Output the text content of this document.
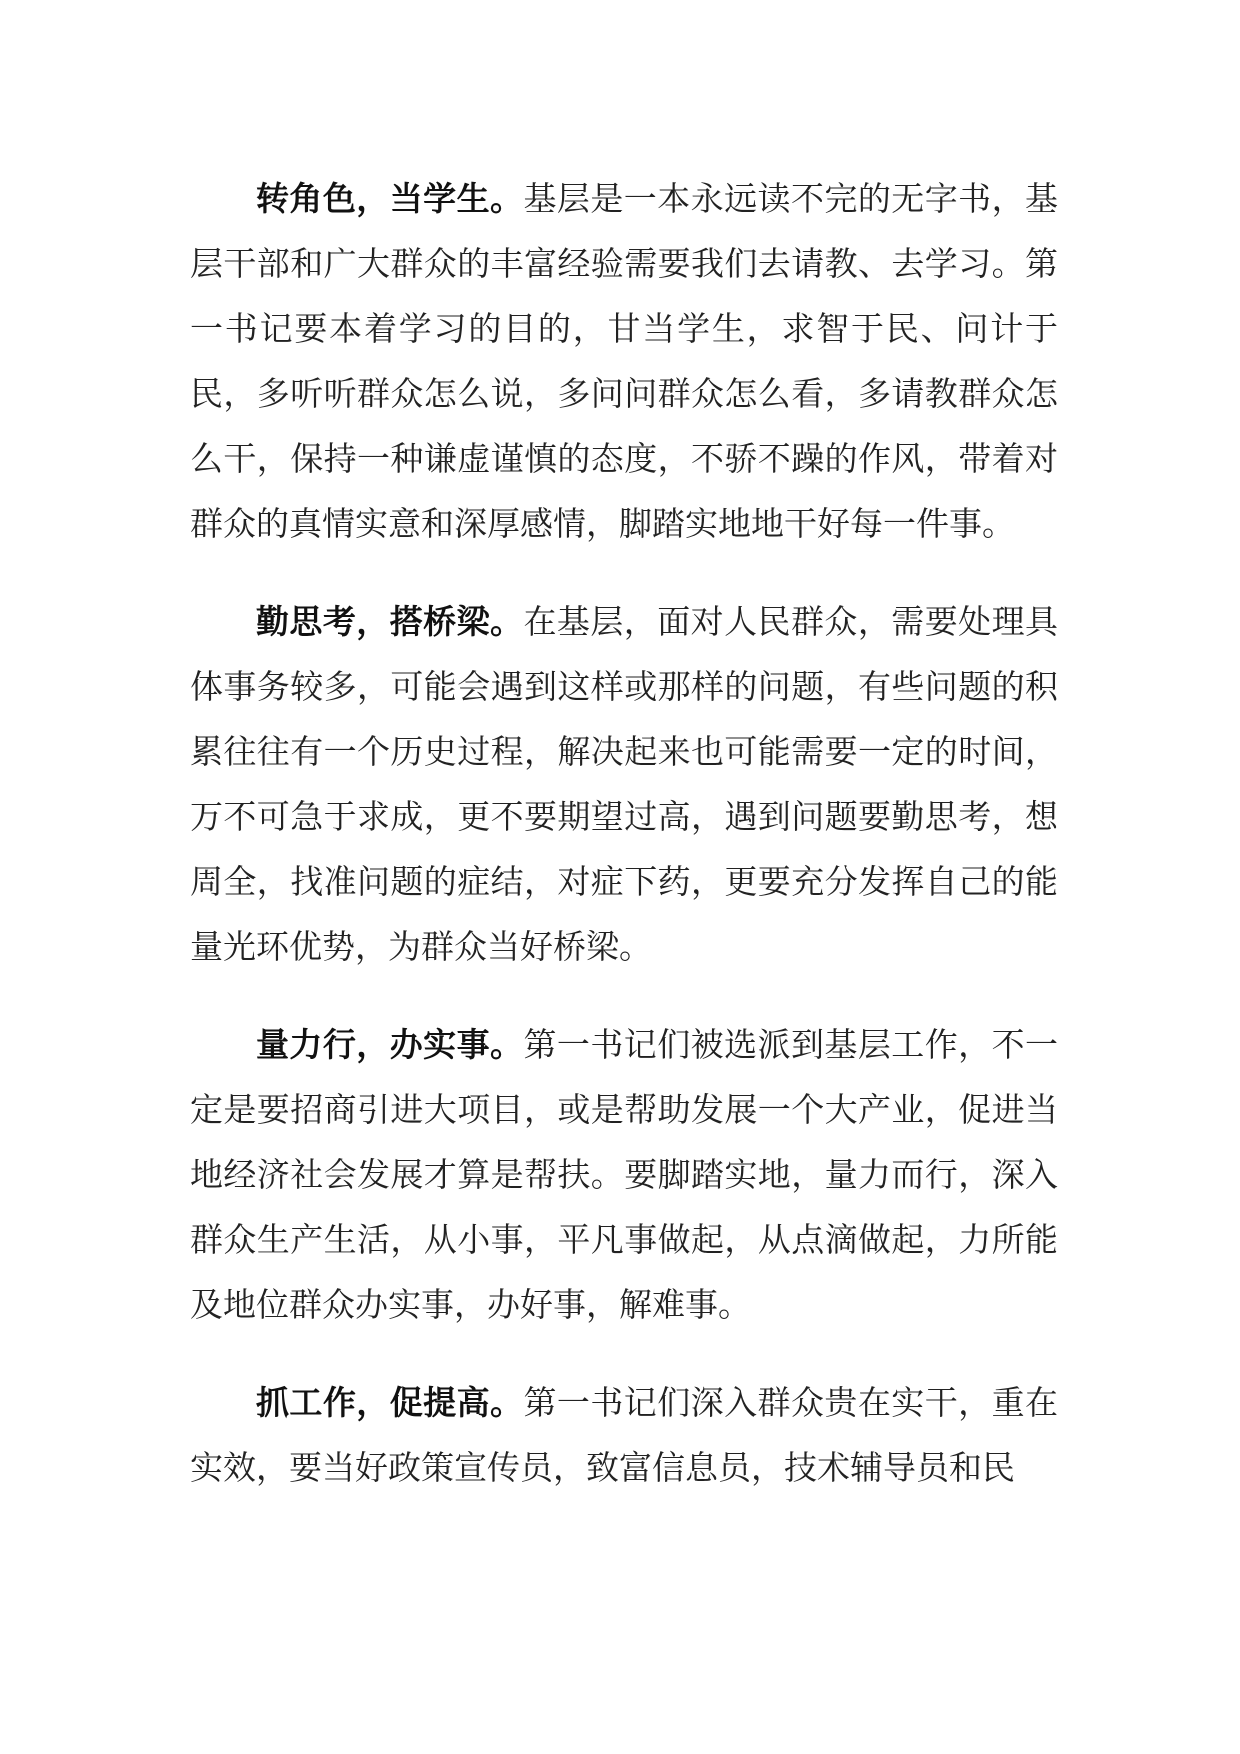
转角色，当学生。基层是一本永远读不完的无字书，基层干部和广大群众的丰富经验需要我们去请教、去学习。第一书记要本着学习的目的，甘当学生，求智于民、问计于民，多听听群众怎么说，多问问群众怎么看，多请教群众怎么干，保持一种谦虚谨慎的态度，不骄不躁的作风，带着对群众的真情实意和深厚感情，脚踏实地地干好每一件事。

勤思考，搭桥梁。在基层，面对人民群众，需要处理具体事务较多，可能会遇到这样或那样的问题，有些问题的积累往往有一个历史过程，解决起来也可能需要一定的时间，万不可急于求成，更不要期望过高，遇到问题要勤思考，想周全，找准问题的症结，对症下药，更要充分发挥自己的能量光环优势，为群众当好桥梁。

量力行，办实事。第一书记们被选派到基层工作，不一定是要招商引进大项目，或是帮助发展一个大产业，促进当地经济社会发展才算是帮扶。要脚踏实地，量力而行，深入群众生产生活，从小事，平凡事做起，从点滴做起，力所能及地位群众办实事，办好事，解难事。

抓工作，促提高。第一书记们深入群众贵在实干，重在实效，要当好政策宣传员，致富信息员，技术辅导员和民
